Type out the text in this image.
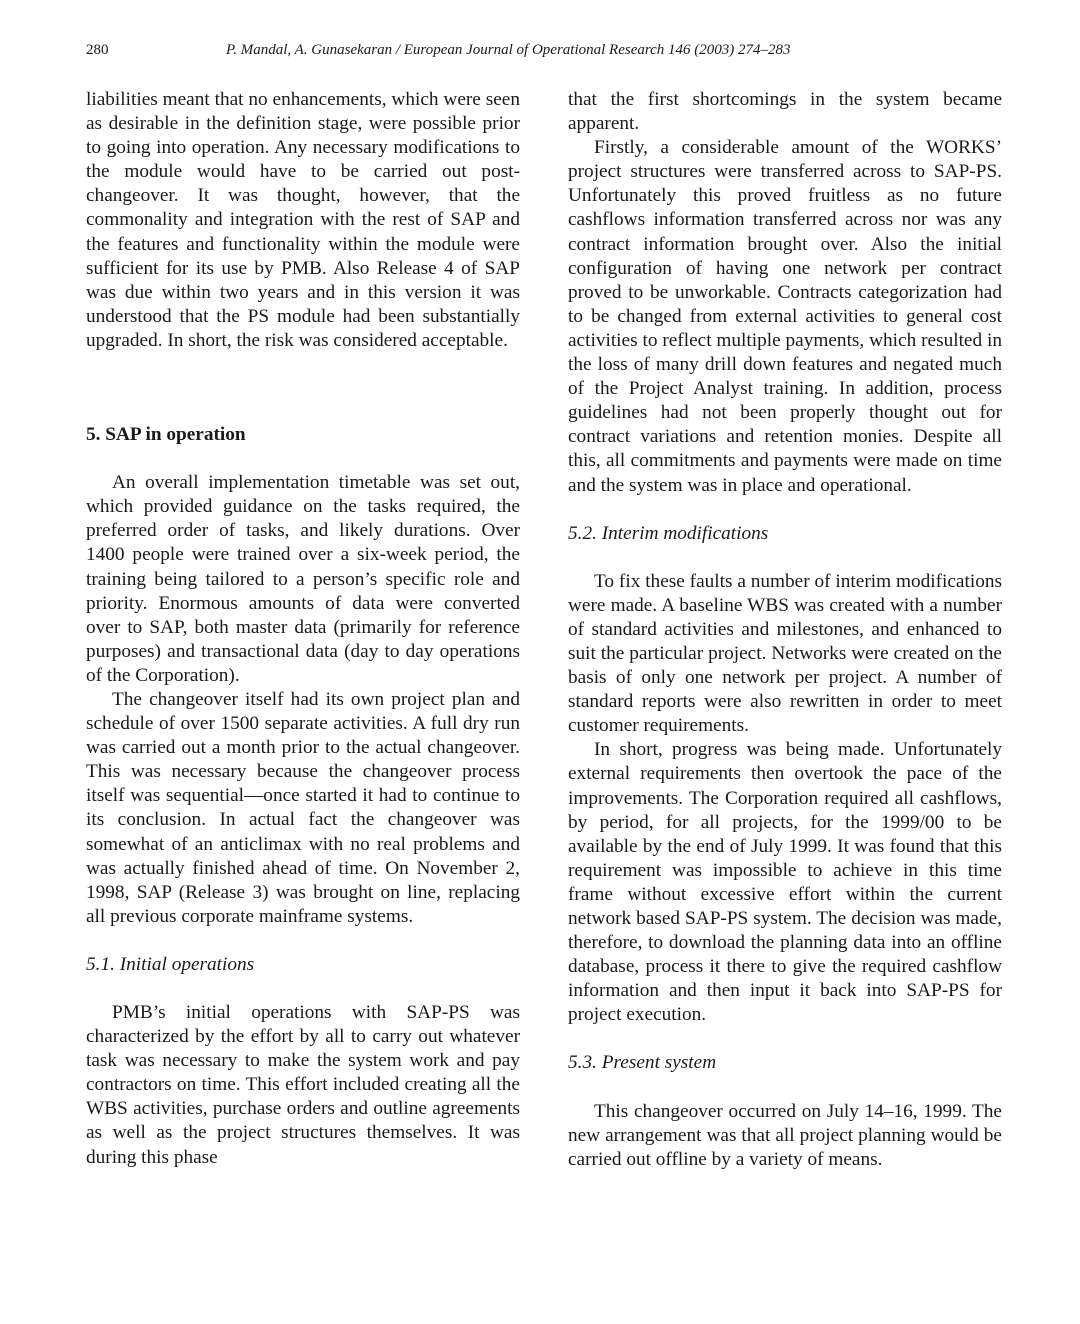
280	P. Mandal, A. Gunasekaran / European Journal of Operational Research 146 (2003) 274–283

liabilities meant that no enhancements, which were seen as desirable in the definition stage, were possible prior to going into operation. Any necessary modifications to the module would have to be carried out post-changeover. It was thought, however, that the commonality and integration with the rest of SAP and the features and functionality within the module were sufficient for its use by PMB. Also Release 4 of SAP was due within two years and in this version it was understood that the PS module had been substantially upgraded. In short, the risk was considered acceptable.

5. SAP in operation

An overall implementation timetable was set out, which provided guidance on the tasks required, the preferred order of tasks, and likely durations. Over 1400 people were trained over a six-week period, the training being tailored to a person’s specific role and priority. Enormous amounts of data were converted over to SAP, both master data (primarily for reference purposes) and transactional data (day to day operations of the Corporation).

The changeover itself had its own project plan and schedule of over 1500 separate activities. A full dry run was carried out a month prior to the actual changeover. This was necessary because the changeover process itself was sequential—once started it had to continue to its conclusion. In actual fact the changeover was somewhat of an anticlimax with no real problems and was actually finished ahead of time. On November 2, 1998, SAP (Release 3) was brought on line, replacing all previous corporate mainframe systems.

5.1. Initial operations

PMB’s initial operations with SAP-PS was characterized by the effort by all to carry out whatever task was necessary to make the system work and pay contractors on time. This effort included creating all the WBS activities, purchase orders and outline agreements as well as the project structures themselves. It was during this phase

that the first shortcomings in the system became apparent.

Firstly, a considerable amount of the WORKS’ project structures were transferred across to SAP-PS. Unfortunately this proved fruitless as no future cashflows information transferred across nor was any contract information brought over. Also the initial configuration of having one network per contract proved to be unworkable. Contracts categorization had to be changed from external activities to general cost activities to reflect multiple payments, which resulted in the loss of many drill down features and negated much of the Project Analyst training. In addition, process guidelines had not been properly thought out for contract variations and retention monies. Despite all this, all commitments and payments were made on time and the system was in place and operational.

5.2. Interim modifications

To fix these faults a number of interim modifications were made. A baseline WBS was created with a number of standard activities and milestones, and enhanced to suit the particular project. Networks were created on the basis of only one network per project. A number of standard reports were also rewritten in order to meet customer requirements.

In short, progress was being made. Unfortunately external requirements then overtook the pace of the improvements. The Corporation required all cashflows, by period, for all projects, for the 1999/00 to be available by the end of July 1999. It was found that this requirement was impossible to achieve in this time frame without excessive effort within the current network based SAP-PS system. The decision was made, therefore, to download the planning data into an offline database, process it there to give the required cashflow information and then input it back into SAP-PS for project execution.

5.3. Present system

This changeover occurred on July 14–16, 1999. The new arrangement was that all project planning would be carried out offline by a variety of means.
